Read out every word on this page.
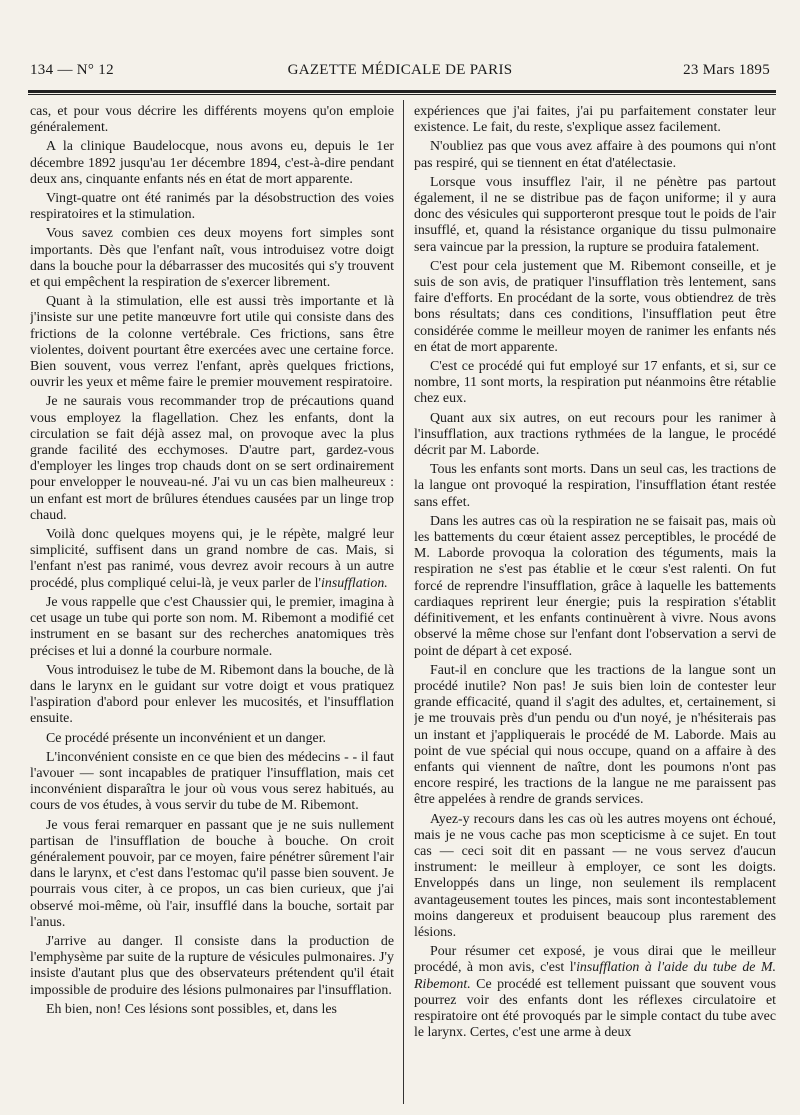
134 — N° 12	GAZETTE MÉDICALE DE PARIS	23 Mars 1895

cas, et pour vous décrire les différents moyens qu'on emploie généralement.

A la clinique Baudelocque, nous avons eu, depuis le 1er décembre 1892 jusqu'au 1er décembre 1894, c'est-à-dire pendant deux ans, cinquante enfants nés en état de mort apparente.

Vingt-quatre ont été ranimés par la désobstruction des voies respiratoires et la stimulation.

Vous savez combien ces deux moyens fort simples sont importants. Dès que l'enfant naît, vous introduisez votre doigt dans la bouche pour la débarrasser des mucosités qui s'y trouvent et qui empêchent la respiration de s'exercer librement.

Quant à la stimulation, elle est aussi très importante et là j'insiste sur une petite manœuvre fort utile qui consiste dans des frictions de la colonne vertébrale. Ces frictions, sans être violentes, doivent pourtant être exercées avec une certaine force. Bien souvent, vous verrez l'enfant, après quelques frictions, ouvrir les yeux et même faire le premier mouvement respiratoire.

Je ne saurais vous recommander trop de précautions quand vous employez la flagellation. Chez les enfants, dont la circulation se fait déjà assez mal, on provoque avec la plus grande facilité des ecchymoses. D'autre part, gardez-vous d'employer les linges trop chauds dont on se sert ordinairement pour envelopper le nouveau-né. J'ai vu un cas bien malheureux : un enfant est mort de brûlures étendues causées par un linge trop chaud.

Voilà donc quelques moyens qui, je le répète, malgré leur simplicité, suffisent dans un grand nombre de cas. Mais, si l'enfant n'est pas ranimé, vous devrez avoir recours à un autre procédé, plus compliqué celui-là, je veux parler de l'insufflation.

Je vous rappelle que c'est Chaussier qui, le premier, imagina à cet usage un tube qui porte son nom. M. Ribemont a modifié cet instrument en se basant sur des recherches anatomiques très précises et lui a donné la courbure normale.

Vous introduisez le tube de M. Ribemont dans la bouche, de là dans le larynx en le guidant sur votre doigt et vous pratiquez l'aspiration d'abord pour enlever les mucosités, et l'insufflation ensuite.

Ce procédé présente un inconvénient et un danger.

L'inconvénient consiste en ce que bien des médecins - - il faut l'avouer — sont incapables de pratiquer l'insufflation, mais cet inconvénient disparaîtra le jour où vous vous serez habitués, au cours de vos études, à vous servir du tube de M. Ribemont.

Je vous ferai remarquer en passant que je ne suis nullement partisan de l'insufflation de bouche à bouche. On croit généralement pouvoir, par ce moyen, faire pénétrer sûrement l'air dans le larynx, et c'est dans l'estomac qu'il passe bien souvent. Je pourrais vous citer, à ce propos, un cas bien curieux, que j'ai observé moi-même, où l'air, insufflé dans la bouche, sortait par l'anus.

J'arrive au danger. Il consiste dans la production de l'emphysème par suite de la rupture de vésicules pulmonaires. J'y insiste d'autant plus que des observateurs prétendent qu'il était impossible de produire des lésions pulmonaires par l'insufflation.

Eh bien, non! Ces lésions sont possibles, et, dans les

expériences que j'ai faites, j'ai pu parfaitement constater leur existence. Le fait, du reste, s'explique assez facilement.

N'oubliez pas que vous avez affaire à des poumons qui n'ont pas respiré, qui se tiennent en état d'atélectasie.

Lorsque vous insufflez l'air, il ne pénètre pas partout également, il ne se distribue pas de façon uniforme; il y aura donc des vésicules qui supporteront presque tout le poids de l'air insufflé, et, quand la résistance organique du tissu pulmonaire sera vaincue par la pression, la rupture se produira fatalement.

C'est pour cela justement que M. Ribemont conseille, et je suis de son avis, de pratiquer l'insufflation très lentement, sans faire d'efforts. En procédant de la sorte, vous obtiendrez de très bons résultats; dans ces conditions, l'insufflation peut être considérée comme le meilleur moyen de ranimer les enfants nés en état de mort apparente.

C'est ce procédé qui fut employé sur 17 enfants, et si, sur ce nombre, 11 sont morts, la respiration put néanmoins être rétablie chez eux.

Quant aux six autres, on eut recours pour les ranimer à l'insufflation, aux tractions rythmées de la langue, le procédé décrit par M. Laborde.

Tous les enfants sont morts. Dans un seul cas, les tractions de la langue ont provoqué la respiration, l'insufflation étant restée sans effet.

Dans les autres cas où la respiration ne se faisait pas, mais où les battements du cœur étaient assez perceptibles, le procédé de M. Laborde provoqua la coloration des téguments, mais la respiration ne s'est pas établie et le cœur s'est ralenti. On fut forcé de reprendre l'insufflation, grâce à laquelle les battements cardiaques reprirent leur énergie; puis la respiration s'établit définitivement, et les enfants continuèrent à vivre. Nous avons observé la même chose sur l'enfant dont l'observation a servi de point de départ à cet exposé.

Faut-il en conclure que les tractions de la langue sont un procédé inutile? Non pas! Je suis bien loin de contester leur grande efficacité, quand il s'agit des adultes, et, certainement, si je me trouvais près d'un pendu ou d'un noyé, je n'hésiterais pas un instant et j'appliquerais le procédé de M. Laborde. Mais au point de vue spécial qui nous occupe, quand on a affaire à des enfants qui viennent de naître, dont les poumons n'ont pas encore respiré, les tractions de la langue ne me paraissent pas être appelées à rendre de grands services.

Ayez-y recours dans les cas où les autres moyens ont échoué, mais je ne vous cache pas mon scepticisme à ce sujet. En tout cas — ceci soit dit en passant — ne vous servez d'aucun instrument: le meilleur à employer, ce sont les doigts. Enveloppés dans un linge, non seulement ils remplacent avantageusement toutes les pinces, mais sont incontestablement moins dangereux et produisent beaucoup plus rarement des lésions.

Pour résumer cet exposé, je vous dirai que le meilleur procédé, à mon avis, c'est l'insufflation à l'aide du tube de M. Ribemont. Ce procédé est tellement puissant que souvent vous pourrez voir des enfants dont les réflexes circulatoire et respiratoire ont été provoqués par le simple contact du tube avec le larynx. Certes, c'est une arme à deux
